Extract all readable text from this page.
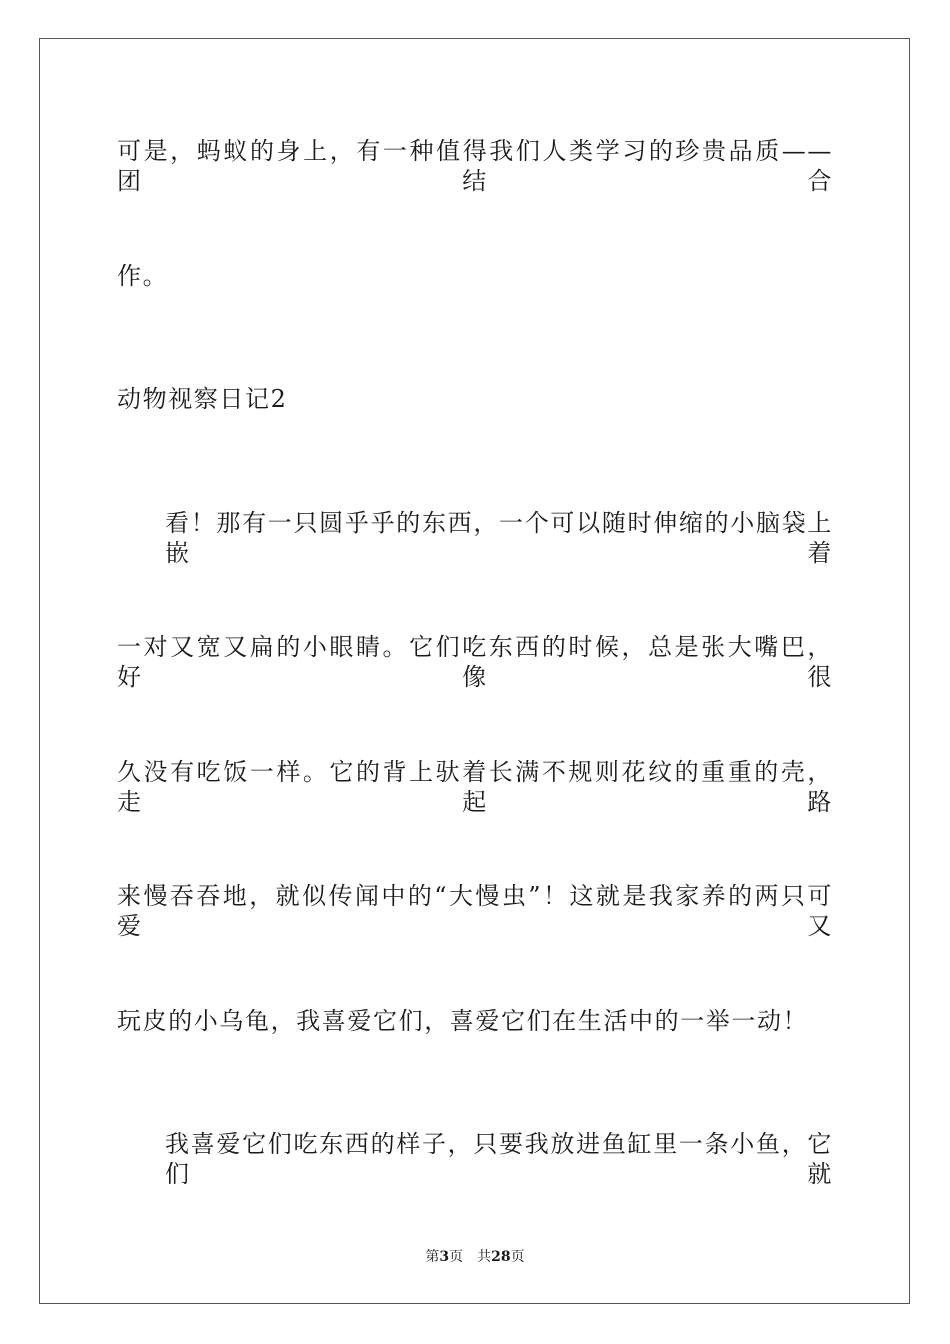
可是，蚂蚁的身上，有一种值得我们人类学习的珍贵品质——团结合
作。
动物视察日记2
看！那有一只圆乎乎的东西，一个可以随时伸缩的小脑袋上嵌着
一对又宽又扁的小眼睛。它们吃东西的时候，总是张大嘴巴，好像很
久没有吃饭一样。它的背上驮着长满不规则花纹的重重的壳，走起路
来慢吞吞地，就似传闻中的“大慢虫”！这就是我家养的两只可爱又
玩皮的小乌龟，我喜爱它们，喜爱它们在生活中的一举一动！
我喜爱它们吃东西的样子，只要我放进鱼缸里一条小鱼，它们就
第3页 共28页
